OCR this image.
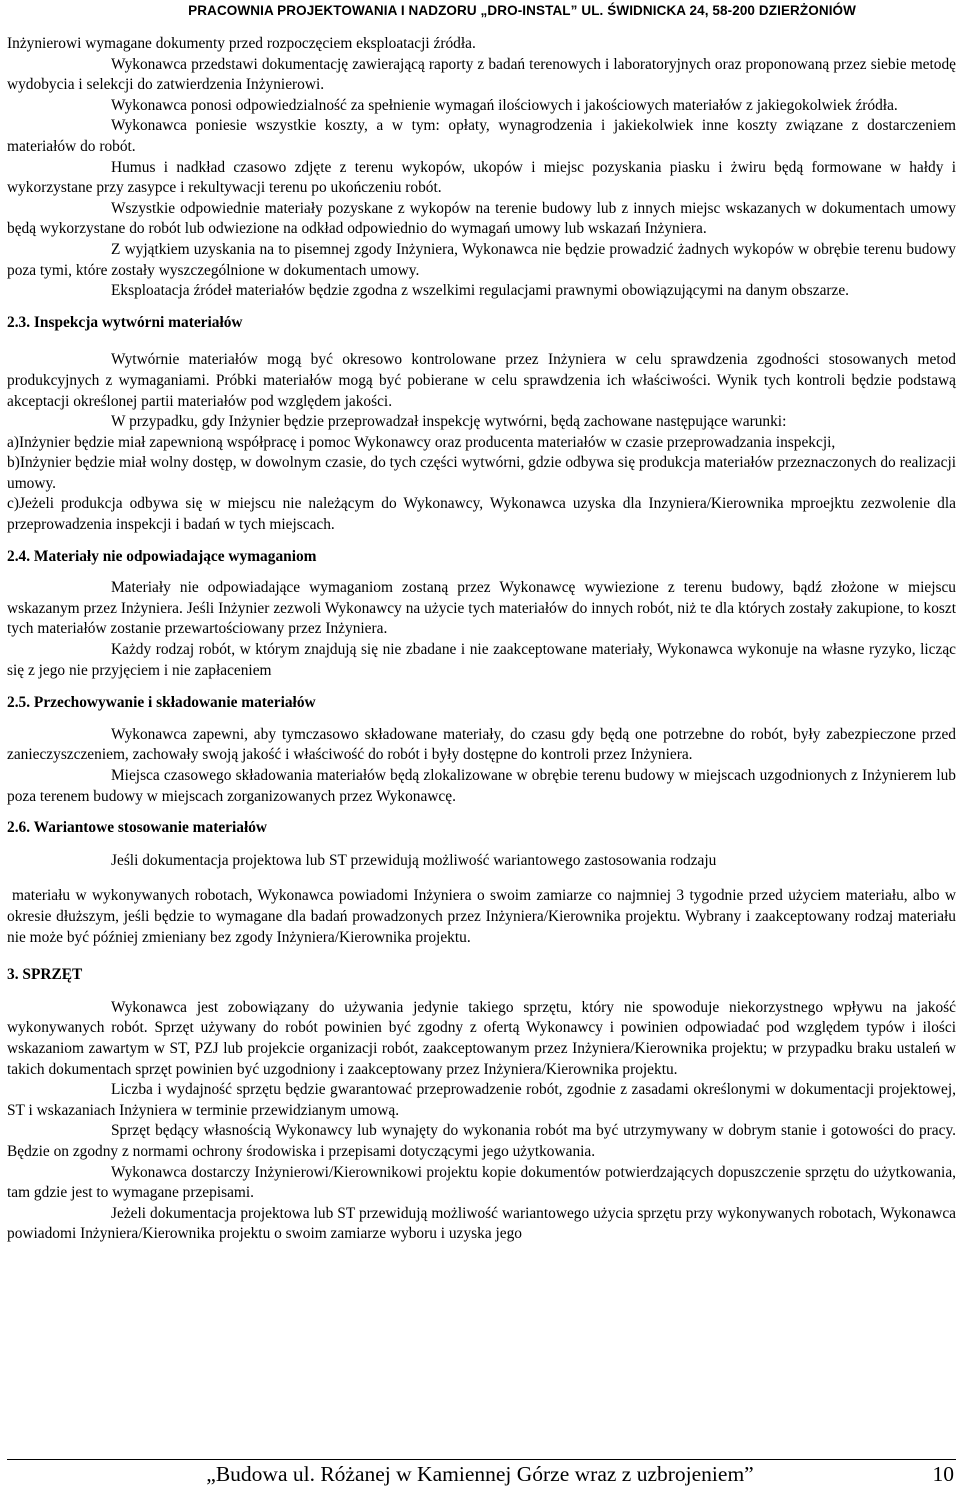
PRACOWNIA PROJEKTOWANIA I NADZORU „DRO-INSTAL” UL. ŚWIDNICKA 24, 58-200 DZIERŻONIÓW

Inżynierowi wymagane dokumenty przed rozpoczęciem eksploatacji źródła.

Wykonawca przedstawi dokumentację zawierającą raporty z badań terenowych i laboratoryjnych oraz proponowaną przez siebie metodę wydobycia i selekcji do zatwierdzenia Inżynierowi.

Wykonawca ponosi odpowiedzialność za spełnienie wymagań ilościowych i jakościowych materiałów z jakiegokolwiek źródła.

Wykonawca poniesie wszystkie koszty, a w tym: opłaty, wynagrodzenia i jakiekolwiek inne koszty związane z dostarczeniem materiałów do robót.

Humus i nadkład czasowo zdjęte z terenu wykopów, ukopów i miejsc pozyskania piasku i żwiru będą formowane w hałdy i wykorzystane przy zasypce i rekultywacji terenu po ukończeniu robót.

Wszystkie odpowiednie materiały pozyskane z wykopów na terenie budowy lub z innych miejsc wskazanych w dokumentach umowy będą wykorzystane do robót lub odwiezione na odkład odpowiednio do wymagań umowy lub wskazań Inżyniera.

Z wyjątkiem uzyskania na to pisemnej zgody Inżyniera, Wykonawca nie będzie prowadzić żadnych wykopów w obrębie terenu budowy poza tymi, które zostały wyszczególnione w dokumentach umowy.

Eksploatacja źródeł materiałów będzie zgodna z wszelkimi regulacjami prawnymi obowiązującymi na danym obszarze.

2.3. Inspekcja wytwórni materiałów

Wytwórnie materiałów mogą być okresowo kontrolowane przez Inżyniera w celu sprawdzenia zgodności stosowanych metod produkcyjnych z wymaganiami. Próbki materiałów mogą być pobierane w celu sprawdzenia ich właściwości. Wynik tych kontroli będzie podstawą akceptacji określonej partii materiałów pod względem jakości.

W przypadku, gdy Inżynier będzie przeprowadzał inspekcję wytwórni, będą zachowane następujące warunki:

a)Inżynier będzie miał zapewnioną współpracę i pomoc Wykonawcy oraz producenta materiałów w czasie przeprowadzania inspekcji,

b)Inżynier będzie miał wolny dostęp, w dowolnym czasie, do tych części wytwórni, gdzie odbywa się produkcja materiałów przeznaczonych do realizacji umowy.

c)Jeżeli produkcja odbywa się w miejscu nie należącym do Wykonawcy, Wykonawca uzyska dla Inzyniera/Kierownika mproejktu zezwolenie dla przeprowadzenia inspekcji i badań w tych miejscach.

2.4. Materiały nie odpowiadające wymaganiom

Materiały nie odpowiadające wymaganiom zostaną przez Wykonawcę wywiezione z terenu budowy, bądź złożone w miejscu wskazanym przez Inżyniera. Jeśli Inżynier zezwoli Wykonawcy na użycie tych materiałów do innych robót, niż te dla których zostały zakupione, to koszt tych materiałów zostanie przewartościowany przez Inżyniera.

Każdy rodzaj robót, w którym znajdują się nie zbadane i nie zaakceptowane materiały, Wykonawca wykonuje na własne ryzyko, licząc się z jego nie przyjęciem i nie zapłaceniem

2.5. Przechowywanie i składowanie materiałów

Wykonawca zapewni, aby tymczasowo składowane materiały, do czasu gdy będą one potrzebne do robót, były zabezpieczone przed zanieczyszczeniem, zachowały swoją jakość i właściwość do robót i były dostępne do kontroli przez Inżyniera.

Miejsca czasowego składowania materiałów będą zlokalizowane w obrębie terenu budowy w miejscach uzgodnionych z Inżynierem lub poza terenem budowy w miejscach zorganizowanych przez Wykonawcę.

2.6. Wariantowe stosowanie materiałów

Jeśli dokumentacja projektowa lub ST przewidują możliwość wariantowego zastosowania rodzaju

materiału w wykonywanych robotach, Wykonawca powiadomi Inżyniera o swoim zamiarze co najmniej 3 tygodnie przed użyciem materiału, albo w okresie dłuższym, jeśli będzie to wymagane dla badań prowadzonych przez Inżyniera/Kierownika projektu. Wybrany i zaakceptowany rodzaj materiału nie może być później zmieniany bez zgody Inżyniera/Kierownika projektu.

3. SPRZĘT

Wykonawca jest zobowiązany do używania jedynie takiego sprzętu, który nie spowoduje niekorzystnego wpływu na jakość wykonywanych robót. Sprzęt używany do robót powinien być zgodny z ofertą Wykonawcy i powinien odpowiadać pod względem typów i ilości wskazaniom zawartym w ST, PZJ lub projekcie organizacji robót, zaakceptowanym przez Inżyniera/Kierownika projektu; w przypadku braku ustaleń w takich dokumentach sprzęt powinien być uzgodniony i zaakceptowany przez Inżyniera/Kierownika projektu.

Liczba i wydajność sprzętu będzie gwarantować przeprowadzenie robót, zgodnie z zasadami określonymi w dokumentacji projektowej, ST i wskazaniach Inżyniera w terminie przewidzianym umową.

Sprzęt będący własnością Wykonawcy lub wynajęty do wykonania robót ma być utrzymywany w dobrym stanie i gotowości do pracy. Będzie on zgodny z normami ochrony środowiska i przepisami dotyczącymi jego użytkowania.

Wykonawca dostarczy Inżynierowi/Kierownikowi projektu kopie dokumentów potwierdzających dopuszczenie sprzętu do użytkowania, tam gdzie jest to wymagane przepisami.

Jeżeli dokumentacja projektowa lub ST przewidują możliwość wariantowego użycia sprzętu przy wykonywanych robotach, Wykonawca powiadomi Inżyniera/Kierownika projektu o swoim zamiarze wyboru i uzyska jego

„Budowa ul. Różanej w Kamiennej Górze wraz z uzbrojeniem”	10
